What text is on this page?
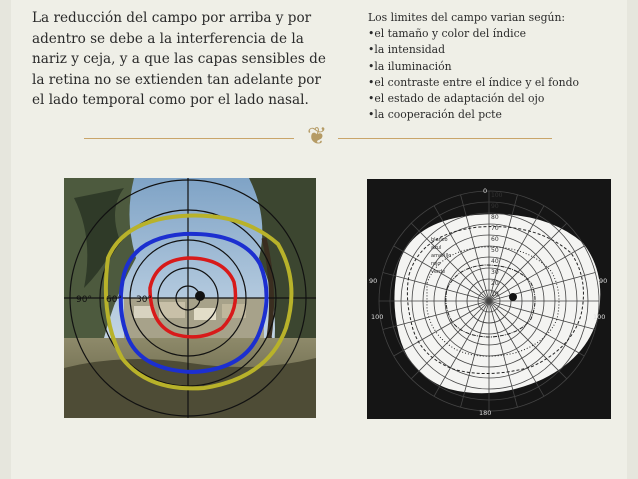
La reducción del campo por arriba y por adentro se debe a la interferencia de la nariz y ceja, y a que las capas sensibles de la retina no se extienden tan adelante por el lado temporal como por el lado nasal.

Los limites del campo varian según:
•el tamaño y color del índice
•la intensidad
•la iluminación
•el contraste entre el índice y el fondo
•el estado de adaptación del ojo
•la cooperación del pcte
❦
90° 60° 30°
100
90
80
70
60
50
40
30
20
10
90	90
100	100
180
0
blanco
azul
amarillo
rojo
verde
